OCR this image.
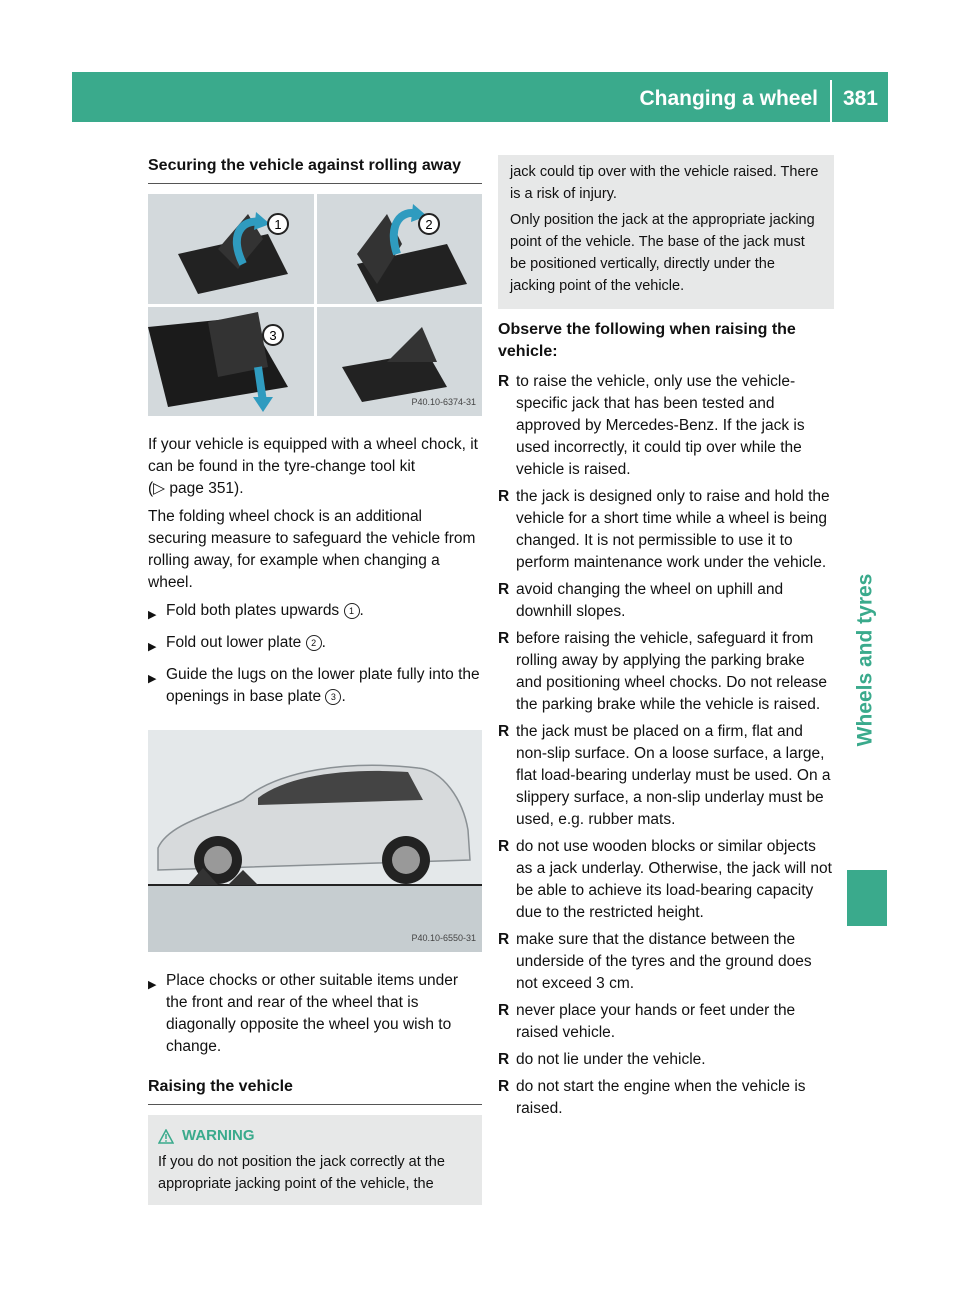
Changing a wheel 381
Wheels and tyres
Securing the vehicle against rolling away
1	2
3
P40.10-6374-31

If your vehicle is equipped with a wheel chock, it can be found in the tyre-change tool kit
(▷ page 351).

The folding wheel chock is an additional securing measure to safeguard the vehicle from rolling away, for example when changing a wheel.

▶ Fold both plates upwards 1 .
▶ Fold out lower plate 2 .
▶ Guide the lugs on the lower plate fully into the openings in base plate 3 .
P40.10-6550-31
▶ Place chocks or other suitable items under the front and rear of the wheel that is diagonally opposite the wheel you wish to change.
Raising the vehicle
WARNING
If you do not position the jack correctly at the appropriate jacking point of the vehicle, the

jack could tip over with the vehicle raised. There is a risk of injury.

Only position the jack at the appropriate jacking point of the vehicle. The base of the jack must be positioned vertically, directly under the jacking point of the vehicle.

Observe the following when raising the vehicle:
R to raise the vehicle, only use the vehicle-specific jack that has been tested and approved by Mercedes-Benz. If the jack is used incorrectly, it could tip over while the vehicle is raised.
R the jack is designed only to raise and hold the vehicle for a short time while a wheel is being changed. It is not permissible to use it to perform maintenance work under the vehicle.
R avoid changing the wheel on uphill and downhill slopes.
R before raising the vehicle, safeguard it from rolling away by applying the parking brake and positioning wheel chocks. Do not release the parking brake while the vehicle is raised.
R the jack must be placed on a firm, flat and non-slip surface. On a loose surface, a large, flat load-bearing underlay must be used. On a slippery surface, a non-slip underlay must be used, e.g. rubber mats.
R do not use wooden blocks or similar objects as a jack underlay. Otherwise, the jack will not be able to achieve its load-bearing capacity due to the restricted height.
R make sure that the distance between the underside of the tyres and the ground does not exceed 3 cm.
R never place your hands or feet under the raised vehicle.
R do not lie under the vehicle.
R do not start the engine when the vehicle is raised.
